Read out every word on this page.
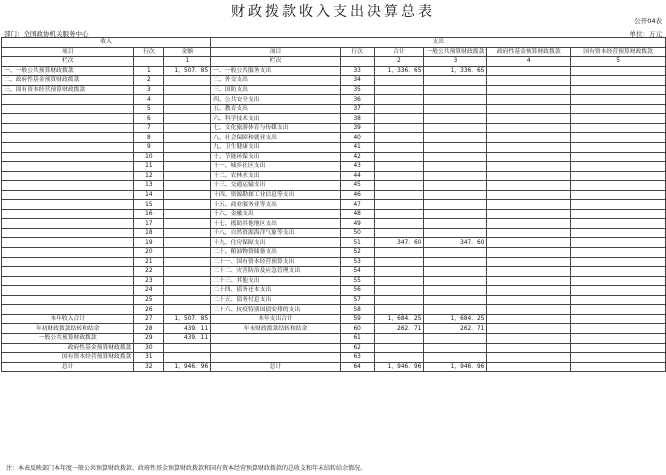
财政拨款收入支出决算总表
公开04表
部门：全国政协机关服务中心	单位：万元
收入			支出					
项目	行次	金额	项目	行次	合计	一般公共预算财政拨款	政府性基金预算财政拨款	国有资本经营预算财政拨款
栏次		1	栏次		2	3	4	5
一、一般公共预算财政拨款	1	1，507．85	一、一般公共服务支出	33	1，336．65	1，336．65		
二、政府性基金预算财政拨款	2		二、外交支出	34				
三、国有资本经营预算财政拨款	3		三、国防支出	35				
	4		四、公共安全支出	36				
	5		五、教育支出	37				
	6		六、科学技术支出	38				
	7		七、文化旅游体育与传媒支出	39				
	8		八、社会保障和就业支出	40				
	9		九、卫生健康支出	41				
	10		十、节能环保支出	42				
	11		十一、城乡社区支出	43				
	12		十二、农林水支出	44				
	13		十三、交通运输支出	45				
	14		十四、资源勘探工业信息等支出	46				
	15		十五、商业服务业等支出	47				
	16		十六、金融支出	48				
	17		十七、援助其他地区支出	49				
	18		十八、自然资源海洋气象等支出	50				
	19		十九、住房保障支出	51	347．60	347．60		
	20		二十、粮油物资储备支出	52				
	21		二十一、国有资本经营预算支出	53				
	22		二十二、灾害防治及应急管理支出	54				
	23		二十三、其他支出	55				
	24		二十四、债务还本支出	56				
	25		二十五、债务付息支出	57				
	26		二十六、抗疫特别国债安排的支出	58				
本年收入合计	27	1，507．85	本年支出合计	59	1，684．25	1，684．25		
年初财政拨款结转和结余	28	439．11	年末财政拨款结转和结余	60	262．71	262．71		
一般公共预算财政拨款	29	439．11		61				
政府性基金预算财政拨款	30			62				
国有资本经营预算财政拨款	31			63				
总计	32	1，946．96	总计	64	1，946．96	1，946．96		
注：本表反映部门本年度一般公共预算财政拨款、政府性基金预算财政拨款和国有资本经营预算财政拨款的总收支和年末结转结余情况。
